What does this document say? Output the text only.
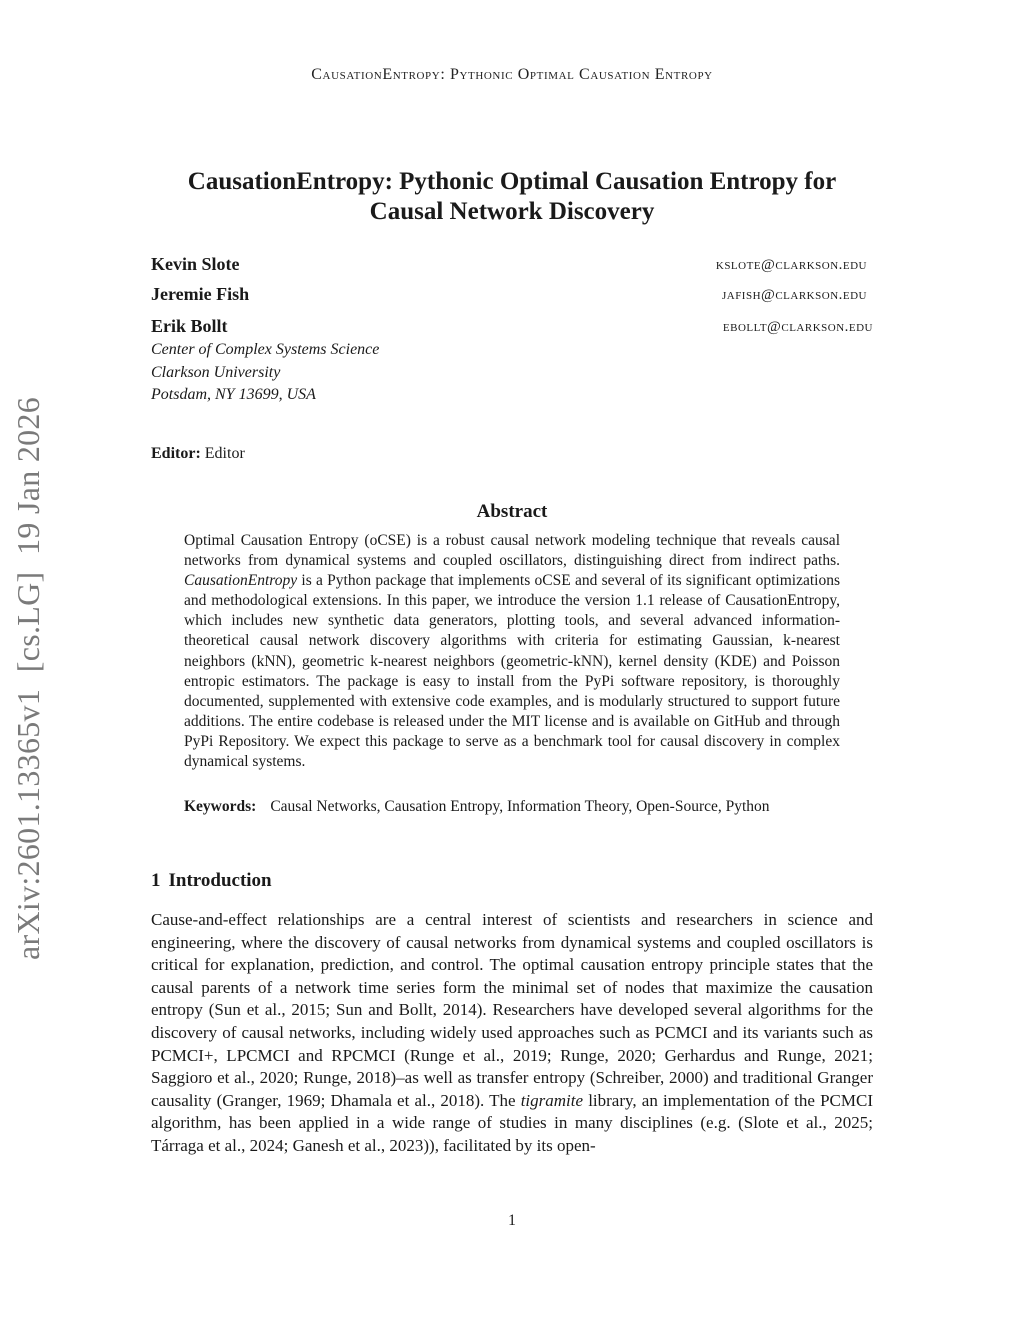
CausationEntropy: Pythonic Optimal Causation Entropy
CausationEntropy: Pythonic Optimal Causation Entropy for
Causal Network Discovery
Kevin Slote	kslote@clarkson.edu
Jeremie Fish	jafish@clarkson.edu
Erik Bollt	ebollt@clarkson.edu
Center of Complex Systems Science
Clarkson University
Potsdam, NY 13699, USA
Editor: Editor
Abstract
Optimal Causation Entropy (oCSE) is a robust causal network modeling technique that reveals causal networks from dynamical systems and coupled oscillators, distinguishing direct from indirect paths. CausationEntropy is a Python package that implements oCSE and several of its significant optimizations and methodological extensions. In this paper, we introduce the version 1.1 release of CausationEntropy, which includes new synthetic data generators, plotting tools, and several advanced information-theoretical causal network discovery algorithms with criteria for estimating Gaussian, k-nearest neighbors (kNN), geometric k-nearest neighbors (geometric-kNN), kernel density (KDE) and Poisson entropic estimators. The package is easy to install from the PyPi software repository, is thoroughly documented, supplemented with extensive code examples, and is modularly structured to support future additions. The entire codebase is released under the MIT license and is available on GitHub and through PyPi Repository. We expect this package to serve as a benchmark tool for causal discovery in complex dynamical systems.
Keywords: Causal Networks, Causation Entropy, Information Theory, Open-Source, Python
1 Introduction
Cause-and-effect relationships are a central interest of scientists and researchers in science and engineering, where the discovery of causal networks from dynamical systems and coupled oscillators is critical for explanation, prediction, and control. The optimal causation entropy principle states that the causal parents of a network time series form the minimal set of nodes that maximize the causation entropy (Sun et al., 2015; Sun and Bollt, 2014). Researchers have developed several algorithms for the discovery of causal networks, including widely used approaches such as PCMCI and its variants such as PCMCI+, LPCMCI and RPCMCI (Runge et al., 2019; Runge, 2020; Gerhardus and Runge, 2021; Saggioro et al., 2020; Runge, 2018)–as well as transfer entropy (Schreiber, 2000) and traditional Granger causality (Granger, 1969; Dhamala et al., 2018). The tigramite library, an implementation of the PCMCI algorithm, has been applied in a wide range of studies in many disciplines (e.g. (Slote et al., 2025; Tárraga et al., 2024; Ganesh et al., 2023)), facilitated by its open-
1
arXiv:2601.13365v1  [cs.LG]  19 Jan 2026
